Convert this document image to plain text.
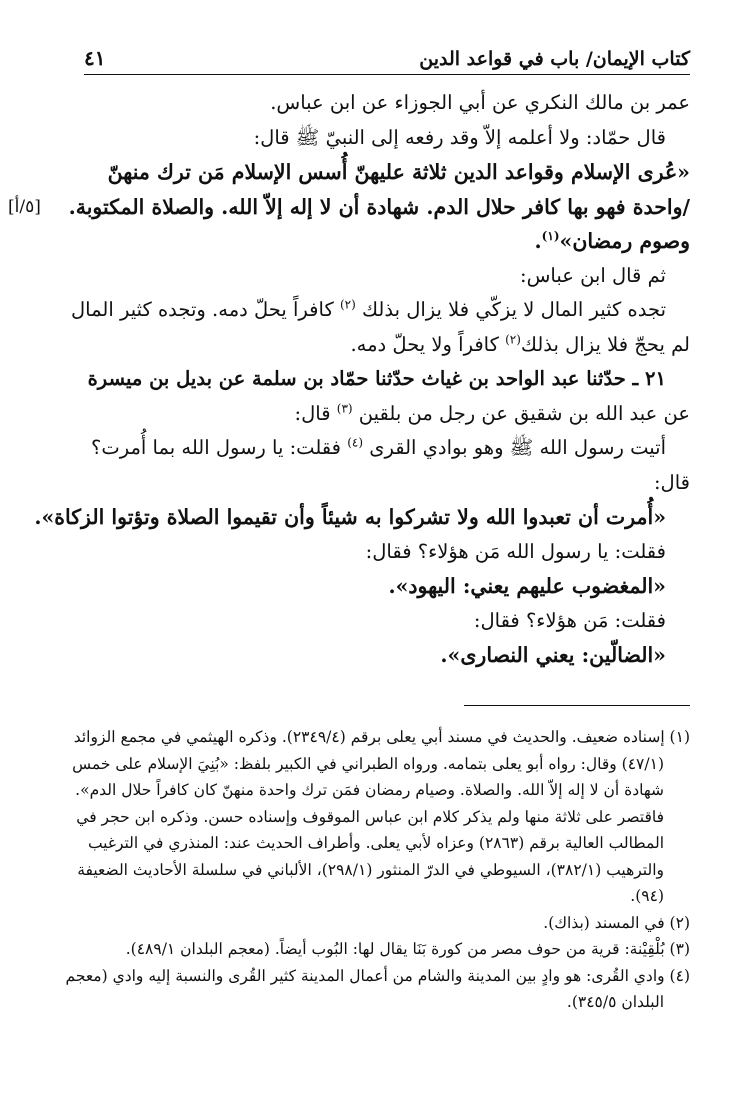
كتاب الإيمان/ باب في قواعد الدين
٤١

عمر بن مالك النكري عن أبي الجوزاء عن ابن عباس.

قال حمّاد: ولا أعلمه إلاّ وقد رفعه إلى النبيّ ﷺ قال:

«عُرى الإسلام وقواعد الدين ثلاثة عليهنّ أُسس الإسلام مَن ترك منهنّ

/واحدة فهو بها كافر حلال الدم. شهادة أن لا إله إلاّ الله. والصلاة المكتوبة.
[٥/أ]

وصوم رمضان»$^{(١)}$.

ثم قال ابن عباس:

تجده كثير المال لا يزكّي فلا يزال بذلك $^{(٢)}$ كافراً يحلّ دمه. وتجده كثير المال

لم يحجّ فلا يزال بذلك$^{(٢)}$ كافراً ولا يحلّ دمه.

٢١ ـ حدّثنا عبد الواحد بن غياث حدّثنا حمّاد بن سلمة عن بديل بن ميسرة

عن عبد الله بن شقيق عن رجل من بلقين $^{(٣)}$ قال:

أتيت رسول الله ﷺ وهو بوادي القرى $^{(٤)}$ فقلت: يا رسول الله بما أُمرت؟

قال:

«أُمرت أن تعبدوا الله ولا تشركوا به شيئاً وأن تقيموا الصلاة وتؤتوا الزكاة».

فقلت: يا رسول الله مَن هؤلاء؟ فقال:

«المغضوب عليهم يعني: اليهود».

فقلت: مَن هؤلاء؟ فقال:

«الضالّين: يعني النصارى».

(١) إسناده ضعيف. والحديث في مسند أبي يعلى برقم (٢٣٤٩/٤). وذكره الهيثمي في مجمع الزوائد

(٤٧/١) وقال: رواه أبو يعلى بتمامه. ورواه الطبراني في الكبير بلفظ: «بُنِيَ الإسلام على خمس

شهادة أن لا إله إلاّ الله. والصلاة. وصيام رمضان فمَن ترك واحدة منهنّ كان كافراً حلال الدم».

فاقتصر على ثلاثة منها ولم يذكر كلام ابن عباس الموقوف وإسناده حسن. وذكره ابن حجر في

المطالب العالية برقم (٢٨٦٣) وعزاه لأبي يعلى. وأطراف الحديث عند: المنذري في الترغيب

والترهيب (٣٨٢/١)، السيوطي في الدرّ المنثور (٢٩٨/١)، الألباني في سلسلة الأحاديث الضعيفة

(٩٤).

(٢) في المسند (بذاك).

(٣) بُلْقِيْنة: قرية من حوف مصر من كورة بَنَا يقال لها: البُوب أيضاً. (معجم البلدان ٤٨٩/١).

(٤) وادي القُرى: هو وادٍ بين المدينة والشام من أعمال المدينة كثير القُرى والنسبة إليه وادي (معجم

البلدان ٣٤٥/٥).
